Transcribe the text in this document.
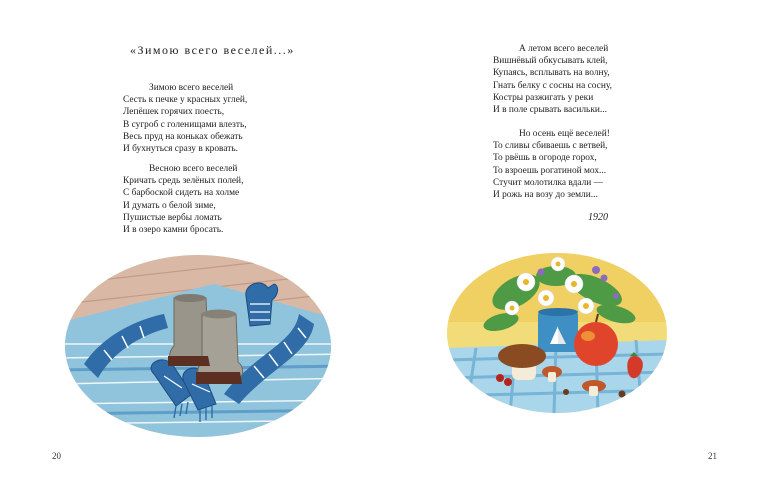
«Зимою всего веселей...»
Зимою всего веселей
Сесть к печке у красных углей,
Лепёшек горячих поесть,
В сугроб с голенищами влезть,
Весь пруд на коньках обежать
И бухнуться сразу в кровать.
Весною всего веселей
Кричать средь зелёных полей,
С барбоской сидеть на холме
И думать о белой зиме,
Пушистые вербы ломать
И в озеро камни бросать.
20
А летом всего веселей
Вишнёвый обкусывать клей,
Купаясь, всплывать на волну,
Гнать белку с сосны на сосну,
Костры разжигать у реки
И в поле срывать васильки...
Но осень ещё веселей!
То сливы сбиваешь с ветвей,
То рвёшь в огороде горох,
То взроешь рогатиной мох...
Стучит молотилка вдали —
И рожь на возу до земли...
1920
21
